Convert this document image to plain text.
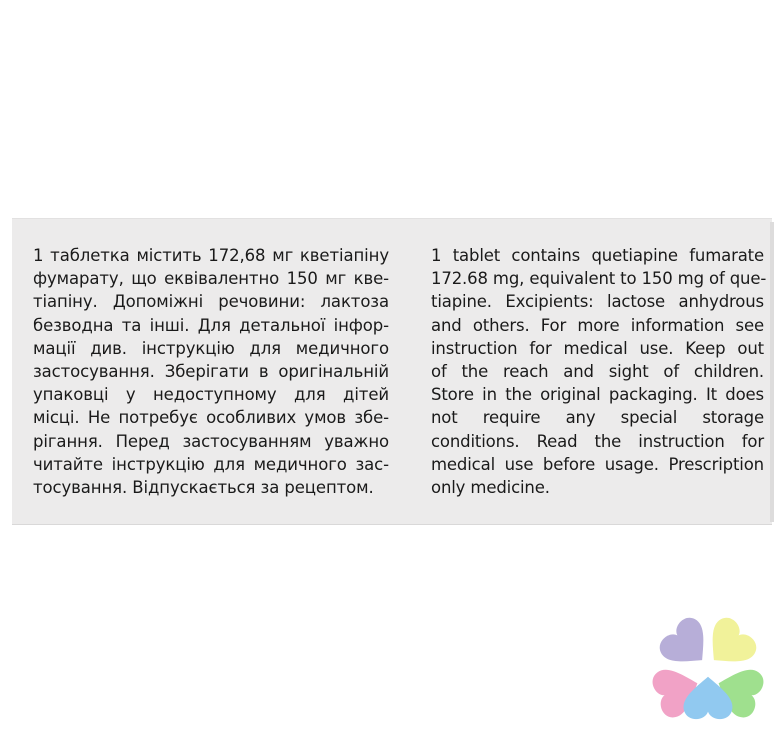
1 таблетка містить 172,68 мг кветіапіну
фумарату, що еквівалентно 150 мг кве-
тіапіну. Допоміжні речовини: лактоза
безводна та інші. Для детальної інфор-
мації див. інструкцію для медичного
застосування. Зберігати в оригінальній
упаковці у недоступному для дітей
місці. Не потребує особливих умов збе-
рігання. Перед застосуванням уважно
читайте інструкцію для медичного зас-
тосування. Відпускається за рецептом.
1 tablet contains quetiapine fumarate
172.68 mg, equivalent to 150 mg of que-
tiapine. Excipients: lactose anhydrous
and others. For more information see
instruction for medical use. Keep out
of the reach and sight of children.
Store in the original packaging. It does
not require any special storage
conditions. Read the instruction for
medical use before usage. Prescription
only medicine.
